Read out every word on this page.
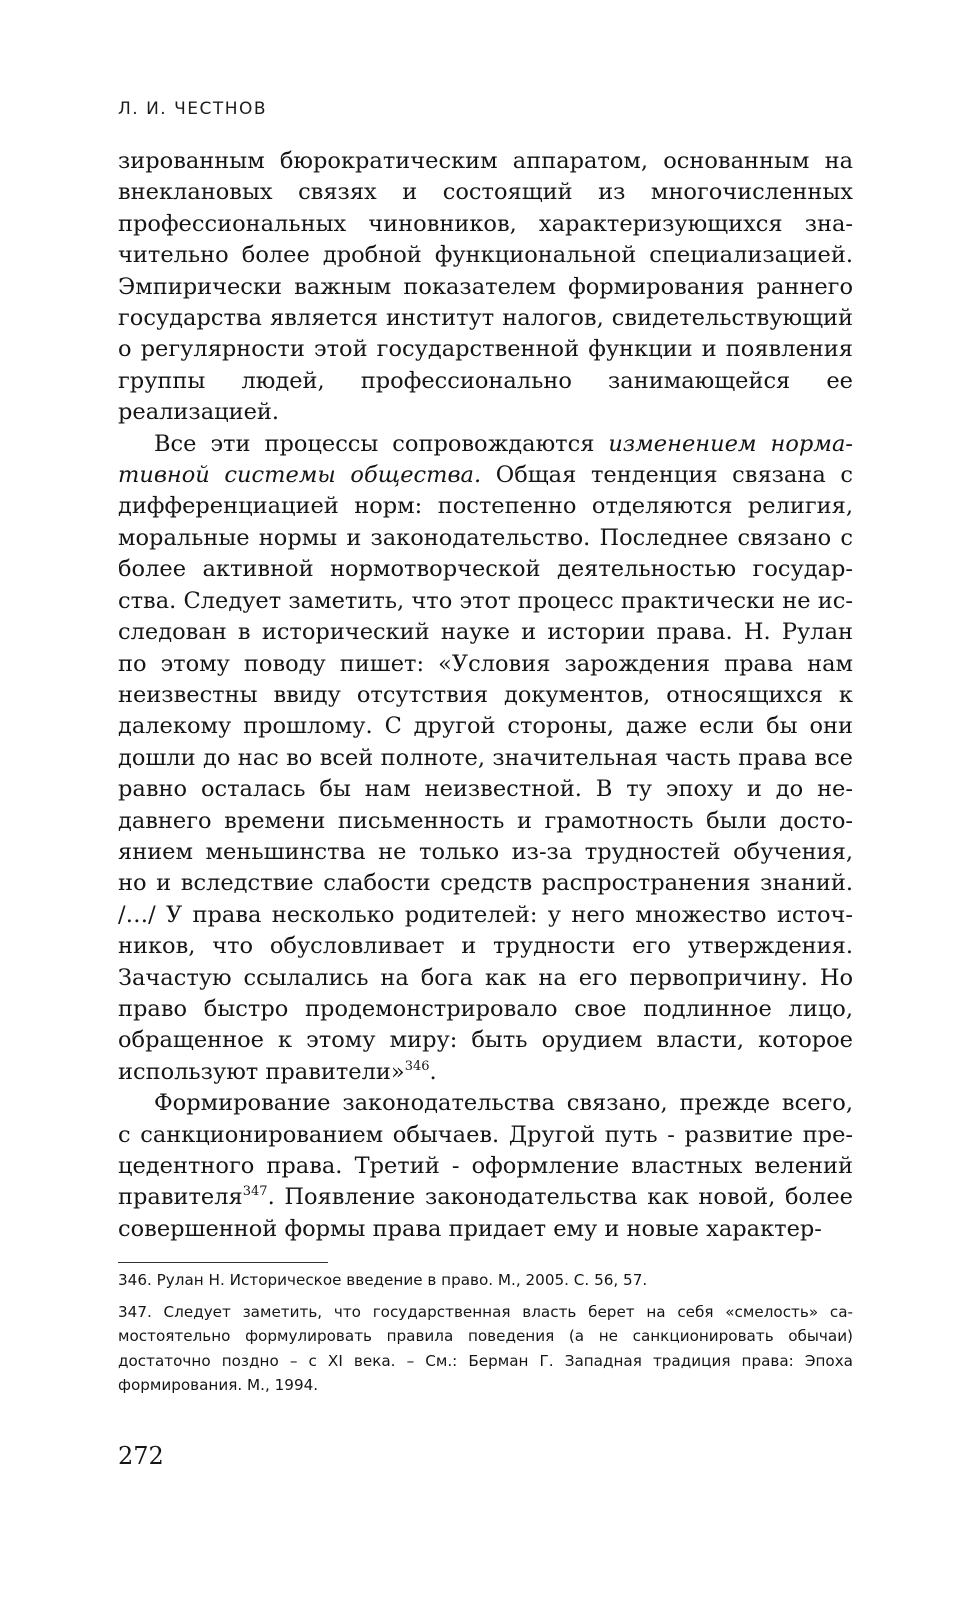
Л. И. ЧЕСТНОВ

зированным бюрократическим аппаратом, основанным на внеклановых связях и состоящий из многочисленных профессиональных чиновников, характеризующихся значительно более дробной функциональной специализацией. Эмпирически важным показателем формирования раннего государства является институт налогов, свидетельствующий о регулярности этой государственной функции и появления группы людей, профессионально занимающейся ее реализацией.

Все эти процессы сопровождаются изменением нормативной системы общества. Общая тенденция связана с дифференциацией норм: постепенно отделяются религия, моральные нормы и законодательство. Последнее связано с более активной нормотворческой деятельностью государства. Следует заметить, что этот процесс практически не исследован в исторический науке и истории права. Н. Рулан по этому поводу пишет: «Условия зарождения права нам неизвестны ввиду отсутствия документов, относящихся к далекому прошлому. С другой стороны, даже если бы они дошли до нас во всей полноте, значительная часть права все равно осталась бы нам неизвестной. В ту эпоху и до недавнего времени письменность и грамотность были достоянием меньшинства не только из-за трудностей обучения, но и вследствие слабости средств распространения знаний. /…/ У права несколько родителей: у него множество источников, что обусловливает и трудности его утверждения. Зачастую ссылались на бога как на его первопричину. Но право быстро продемонстрировало свое подлинное лицо, обращенное к этому миру: быть орудием власти, которое используют правители»$^{346}$.

Формирование законодательства связано, прежде всего, с санкционированием обычаев. Другой путь - развитие прецедентного права. Третий - оформление властных велений правителя$^{347}$. Появление законодательства как новой, более совершенной формы права придает ему и новые характер-

346. Рулан Н. Историческое введение в право. М., 2005. С. 56, 57.

347. Следует заметить, что государственная власть берет на себя «смелость» самостоятельно формулировать правила поведения (а не санкционировать обычаи) достаточно поздно – с XI века. – См.: Берман Г. Западная традиция права: Эпоха формирования. М., 1994.

272
